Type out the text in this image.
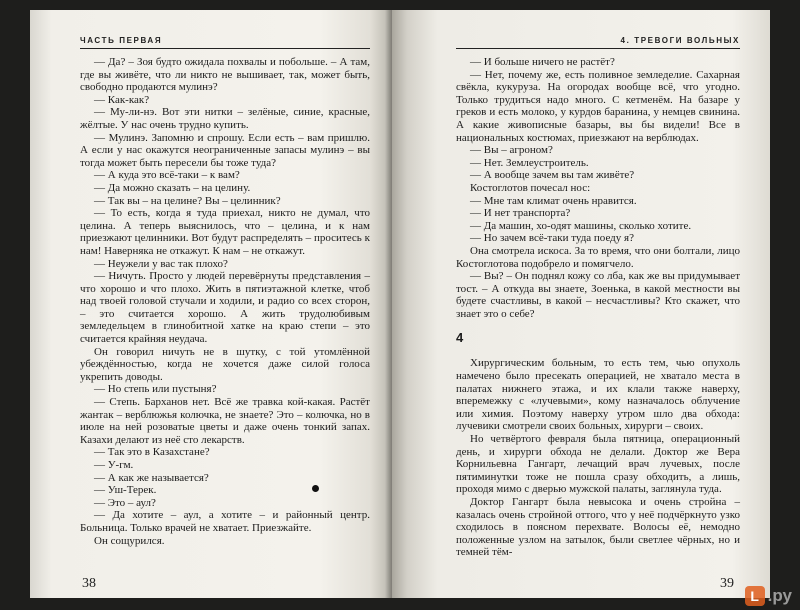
ЧАСТЬ ПЕРВАЯ

— Да? – Зоя будто ожидала похвалы и побольше. – А там, где вы живёте, что ли никто не вышивает, так, может быть, свободно продаются мулинэ?

— Как-как?

— Му-ли-нэ. Вот эти нитки – зелёные, синие, красные, жёлтые. У нас очень трудно купить.

— Мулинэ. Запомню и спрошу. Если есть – вам пришлю. А если у нас окажутся неограниченные запасы мулинэ – вы тогда может быть пересели бы тоже туда?

— А куда это всё-таки – к вам?

— Да можно сказать – на целину.

— Так вы – на целине? Вы – целинник?

— То есть, когда я туда приехал, никто не думал, что целина. А теперь выяснилось, что – целина, и к нам приезжают целинники. Вот будут распределять – проситесь к нам! Наверняка не откажут. К нам – не откажут.

— Неужели у вас так плохо?

— Ничуть. Просто у людей перевёрнуты представления – что хорошо и что плохо. Жить в пятиэтажной клетке, чтоб над твоей головой стучали и ходили, и радио со всех сторон, – это считается хорошо. А жить трудолюбивым земледельцем в глинобитной хатке на краю степи – это считается крайняя неудача.

Он говорил ничуть не в шутку, с той утомлённой убеждённостью, когда не хочется даже силой голоса укрепить доводы.

— Но степь или пустыня?

— Степь. Барханов нет. Всё же травка кой-какая. Растёт жантак – верблюжья колючка, не знаете? Это – колючка, но в июле на ней розоватые цветы и даже очень тонкий запах. Казахи делают из неё сто лекарств.

— Так это в Казахстане?

— У-гм.

— А как же называется?

— Уш-Терек.

— Это – аул?

— Да хотите – аул, а хотите – и районный центр. Больница. Только врачей не хватает. Приезжайте.

Он сощурился.

38
4. ТРЕВОГИ ВОЛЬНЫХ

— И больше ничего не растёт?

— Нет, почему же, есть поливное земледелие. Сахарная свёкла, кукуруза. На огородах вообще всё, что угодно. Только трудиться надо много. С кетменём. На базаре у греков и есть молоко, у курдов баранина, у немцев свинина. А какие живописные базары, вы бы видели! Все в национальных костюмах, приезжают на верблюдах.

— Вы – агроном?

— Нет. Землеустроитель.

— А вообще зачем вы там живёте?

Костоглотов почесал нос:

— Мне там климат очень нравится.

— И нет транспорта?

— Да машин, хо-одят машины, сколько хотите.

— Но зачем всё-таки туда поеду я?

Она смотрела искоса. За то время, что они болтали, лицо Костоглотова подобрело и помягчело.

— Вы? – Он поднял кожу со лба, как же вы придумывает тост. – А откуда вы знаете, Зоенька, в какой местности вы будете счастливы, в какой – несчастливы? Кто скажет, что знает это о себе?

4

Хирургическим больным, то есть тем, чью опухоль намечено было пресекать операцией, не хватало места в палатах нижнего этажа, и их клали также наверху, вперемежку с «лучевыми», кому назначалось облучение или химия. Поэтому наверху утром шло два обхода: лучевики смотрели своих больных, хирурги – своих.

Но четвёртого февраля была пятница, операционный день, и хирурги обхода не делали. Доктор же Вера Корнильевна Гангарт, лечащий врач лучевых, после пятиминутки тоже не пошла сразу обходить, а лишь, проходя мимо с дверью мужской палаты, заглянула туда.

Доктор Гангарт была невысока и очень стройна – казалась очень стройной оттого, что у неё подчёркнуто узко сходилось в поясном перехвате. Волосы её, немодно положенные узлом на затылок, были светлее чёрных, но и темней тём-

39
L .ру
